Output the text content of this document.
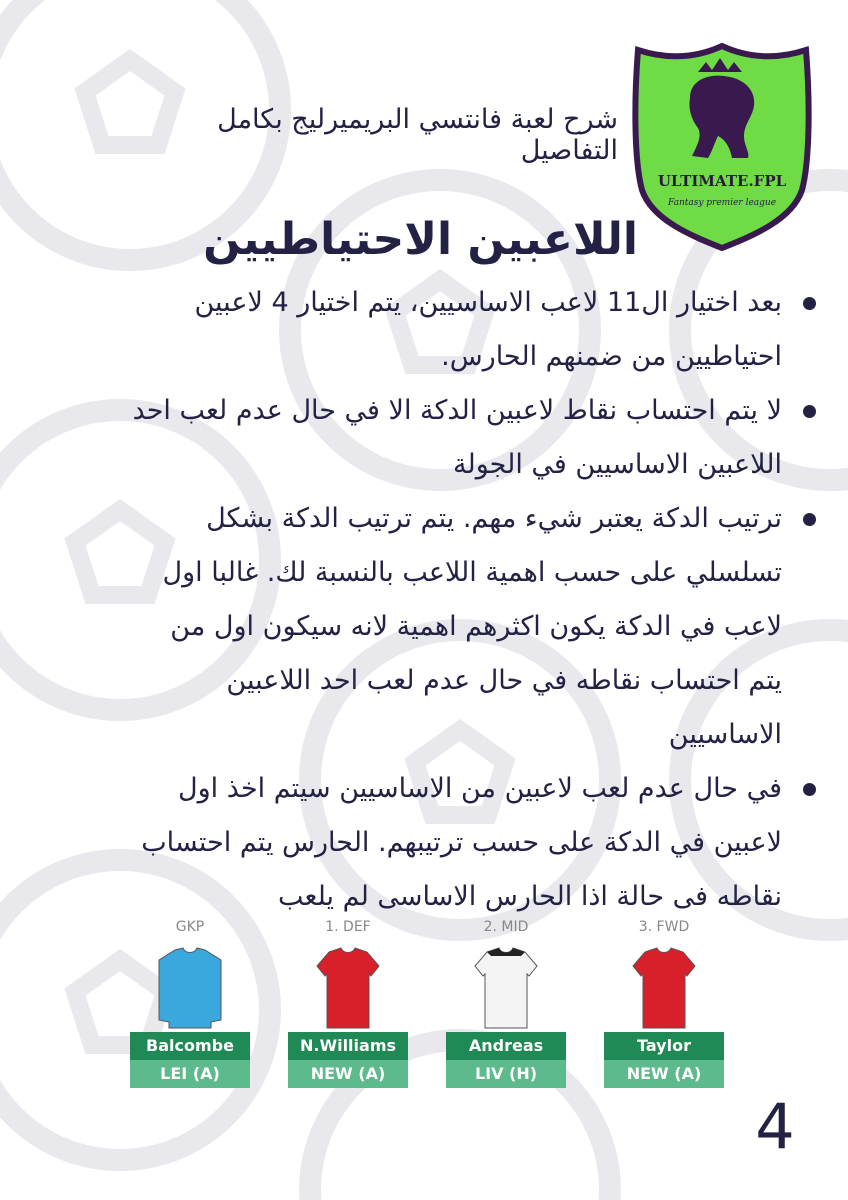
ULTIMATE.FPL
Fantasy premier league
شرح لعبة فانتسي البريميرليج بكامل التفاصيل
اللاعبين الاحتياطيين
بعد اختيار ال11 لاعب الاساسيين، يتم اختيار 4 لاعبين احتياطيين من ضمنهم الحارس.
لا يتم احتساب نقاط لاعبين الدكة الا في حال عدم لعب احد اللاعبين الاساسيين في الجولة
ترتيب الدكة يعتبر شيء مهم. يتم ترتيب الدكة بشكل تسلسلي على حسب اهمية اللاعب بالنسبة لك. غالبا اول لاعب في الدكة يكون اكثرهم اهمية لانه سيكون اول من يتم احتساب نقاطه في حال عدم لعب احد اللاعبين الاساسيين
في حال عدم لعب لاعبين من الاساسيين سيتم اخذ اول لاعبين في الدكة على حسب ترتيبهم. الحارس يتم احتساب نقاطه فى حالة اذا الحارس الاساسى لم يلعب
GKP
Balcombe
LEI (A)
1. DEF
N.Williams
NEW (A)
2. MID
Andreas
LIV (H)
3. FWD
Taylor
NEW (A)
4
